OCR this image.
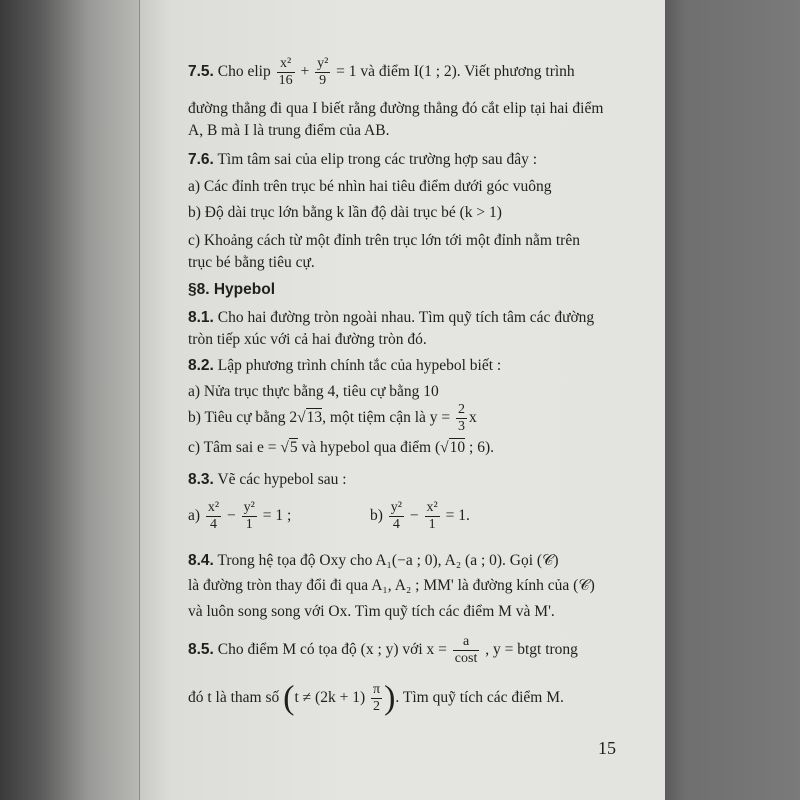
7.5. Cho elip $\frac{\text{x²}}{16} + \frac{\text{y²}}{9} = 1$ và điểm I(1 ; 2). Viết phương trình
đường thẳng đi qua I biết rằng đường thẳng đó cắt elip tại hai điểm
A, B mà I là trung điểm của AB.
7.6. Tìm tâm sai của elip trong các trường hợp sau đây :
a) Các đỉnh trên trục bé nhìn hai tiêu điểm dưới góc vuông
b) Độ dài trục lớn bằng k lần độ dài trục bé (k > 1)
c) Khoảng cách từ một đỉnh trên trục lớn tới một đỉnh nằm trên
trục bé bằng tiêu cự.
§8. Hypebol
8.1. Cho hai đường tròn ngoài nhau. Tìm quỹ tích tâm các đường
tròn tiếp xúc với cả hai đường tròn đó.
8.2. Lập phương trình chính tắc của hypebol biết :
a) Nửa trục thực bằng 4, tiêu cự bằng 10
b) Tiêu cự bằng 2√13, một tiệm cận là $y = \frac{2}{3}$ x
c) Tâm sai e = √5 và hypebol qua điểm (√10 ; 6).
8.3. Vẽ các hypebol sau :
$a) \frac{\text{x²}}{4} - \frac{\text{y²}}{1} = 1$ ;	$b) \frac{\text{y²}}{4} - \frac{\text{x²}}{1} = 1$.
8.4. Trong hệ tọa độ Oxy cho A₁(−a ; 0), A₂ (a ; 0). Gọi (𝒞)
là đường tròn thay đổi đi qua A₁, A₂ ; MM' là đường kính của (𝒞)
và luôn song song với Ox. Tìm quỹ tích các điểm M và M'.
8.5. Cho điểm M có tọa độ (x ; y) với $x = \frac{a}{\cos t}$ , y = btgt trong
đó t là tham số ($t \ne (2k + 1) \frac{\pi}{2}$ ). Tìm quỹ tích các điểm M.
15
